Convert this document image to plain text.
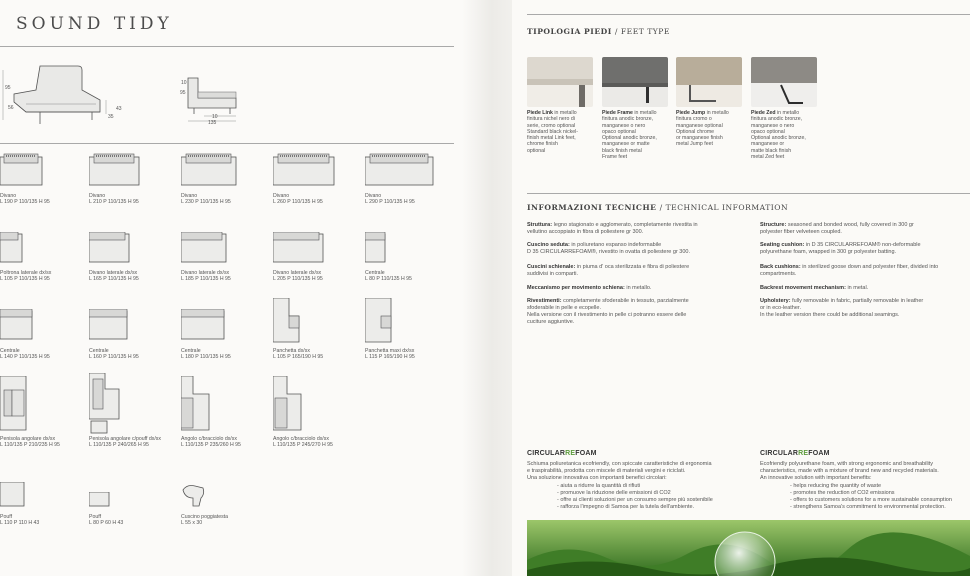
SOUND TIDY
95
56	43
35
10
95
10
135
Divano
L 190 P 110/135 H 95
Divano
L 210 P 110/135 H 95
Divano
L 230 P 110/135 H 95
Divano
L 260 P 110/135 H 95
Divano
L 290 P 110/135 H 95
Poltrona laterale dx/sx
L 105 P 110/135 H 95
Divano laterale dx/sx
L 165 P 110/135 H 95
Divano laterale dx/sx
L 185 P 110/135 H 95
Divano laterale dx/sx
L 205 P 110/135 H 95
Centrale
L 80 P 110/135 H 95
Centrale
L 140 P 110/135 H 95
Centrale
L 160 P 110/135 H 95
Centrale
L 180 P 110/135 H 95
Panchetta dx/sx
L 105 P 165/190 H 95
Panchetta maxi dx/sx
L 115 P 165/190 H 95
Penisola angolare dx/sx
L 110/135 P 210/235 H 95
Penisola angolare c/pouff dx/sx
L 110/135 P 240/265 H 95
Angolo c/bracciolo dx/sx
L 110/135 P 235/260 H 95
Angolo c/bracciolo dx/sx
L 110/135 P 245/270 H 95
Pouff
L 110 P 110 H 43
Pouff
L 80 P 60 H 43
Cuscino poggiatesta
L 55 x 30
TIPOLOGIA PIEDI / FEET TYPE
Piede Link in metallo
finitura nichel nero di
serie, cromo optional
Standard black nickel-
finish metal Link feet,
chrome finish
optional
Piede Frame in metallo
finitura anodic bronze,
manganese o nero
opaco optional
Optional anodic bronze,
manganese or matte
black finish metal
Frame feet
Piede Jump in metallo
finitura cromo o
manganese optional
Optional chrome
or manganese finish
metal Jump feet
Piede Zed in metallo
finitura anodic bronze,
manganese o nero
opaco optional
Optional anodic bronze,
manganese or
matte black finish
metal Zed feet
INFORMAZIONI TECNICHE / TECHNICAL INFORMATION
Struttura: legno stagionato e agglomerato, completamente rivestita in
vellutino accoppiato in fibra di poliestere gr 300.
Cuscino seduta: in poliuretano espanso indeformabile
D 35 CIRCULARREFOAM®, rivestito in ovatta di poliestere gr 300.
Cuscini schienale: in piuma d' oca sterilizzata e fibra di poliestere
suddivisi in comparti.
Meccanismo per movimento schiena: in metallo.
Rivestimenti: completamente sfoderabile in tessuto, parzialmente
sfoderabile in pelle e ecopelle.
Nella versione con il rivestimento in pelle ci potranno essere delle
cuciture aggiuntive.
Structure: seasoned and bonded wood, fully covered in 300 gr
polyester fiber velveteen coupled.
Seating cushion: in D 35 CIRCULARREFOAM® non-deformable
polyurethane foam, wrapped in 300 gr polyester batting.
Back cushions: in sterilized goose down and polyester fiber, divided into
compartments.
Backrest movement mechanism: in metal.
Upholstery: fully removable in fabric, partially removable in leather
or in eco-leather.
In the leather version there could be additional seamings.
CIRCULARREFOAM	CIRCULARREFOAM
Schiuma poliuretanica ecofriendly, con spiccate caratteristiche di ergonomia
e traspirabilità, prodotta con miscele di materiali vergini e riciclati.
Una soluzione innovativa con importanti benefici circolari:
- aiuta a ridurre la quantità di rifiuti
- promuove la riduzione delle emissioni di CO2
- offre ai clienti soluzioni per un consumo sempre più sostenibile
- rafforza l'impegno di Samoa per la tutela dell'ambiente.
Ecofriendly polyurethane foam, with strong ergonomic and breathability
characteristics, made with a mixture of brand new and recycled materials.
An innovative solution with important benefits:
- helps reducing the quantity of waste
- promotes the reduction of CO2 emissions
- offers to customers solutions for a more sustainable consumption
- strengthens Samoa's commitment to environmental protection.
